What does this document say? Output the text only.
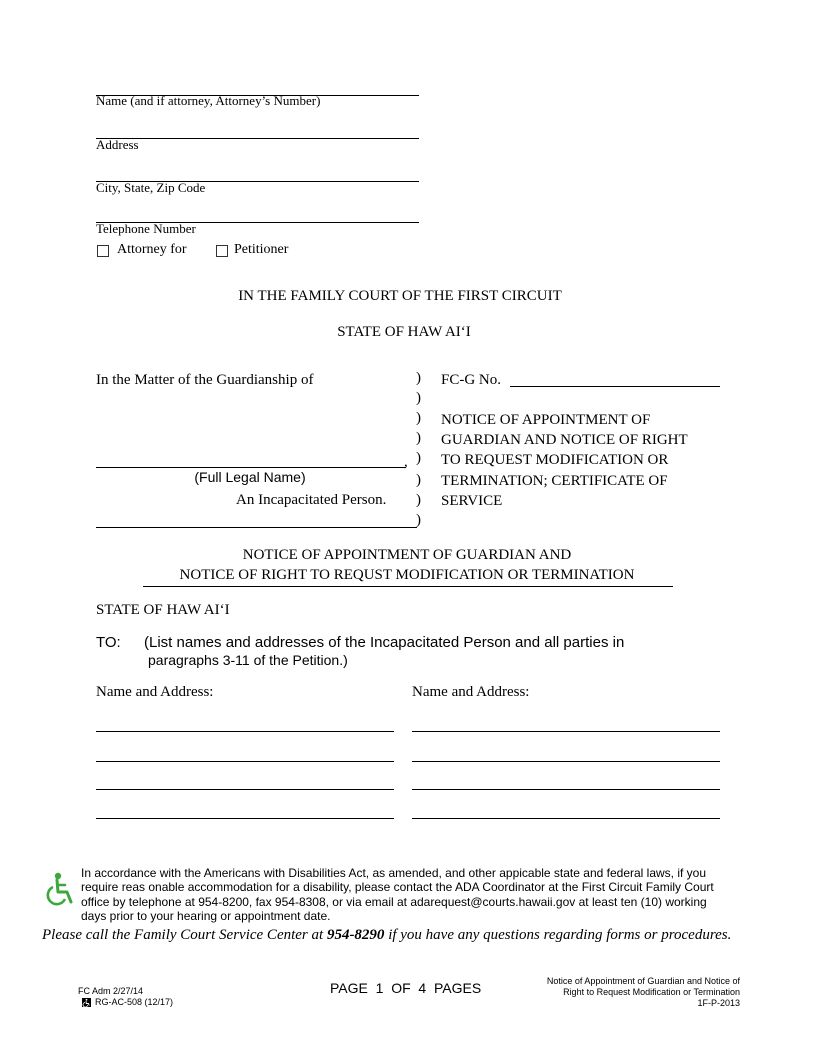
Name (and if attorney, Attorney’s Number)
Address
City, State, Zip Code
Telephone Number
Attorney for	Petitioner
IN THE FAMILY COURT OF THE FIRST CIRCUIT
STATE OF HAW AI‘I
In the Matter of the Guardianship of	)
)
)
)
)
)
)
)
,
(Full Legal Name)
An Incapacitated Person.
FC-G No.
NOTICE OF APPOINTMENT OF
GUARDIAN AND NOTICE OF RIGHT
TO REQUEST MODIFICATION OR
TERMINATION; CERTIFICATE OF
SERVICE
NOTICE OF APPOINTMENT OF GUARDIAN AND
NOTICE OF RIGHT TO REQUST MODIFICATION OR TERMINATION
STATE OF HAW AI‘I
TO: (List names and addresses of the Incapacitated Person and all parties in
paragraphs 3-11 of the Petition.)
Name and Address:	Name and Address:
In accordance with the Americans with Disabilities Act, as amended, and other appicable state and federal laws, if you
require reas onable accommodation for a disability, please contact the ADA Coordinator at the First Circuit Family Court
office by telephone at 954-8200, fax 954-8308, or via email at adarequest@courts.hawaii.gov at least ten (10) working
days prior to your hearing or appointment date.
Please call the Family Court Service Center at 954-8290 if you have any questions regarding forms or procedures.
FC Adm 2/27/14
RG-AC-508 (12/17)
PAGE  1  OF  4  PAGES	Notice of Appointment of Guardian and Notice of
Right to Request Modification or Termination
1F-P-2013
